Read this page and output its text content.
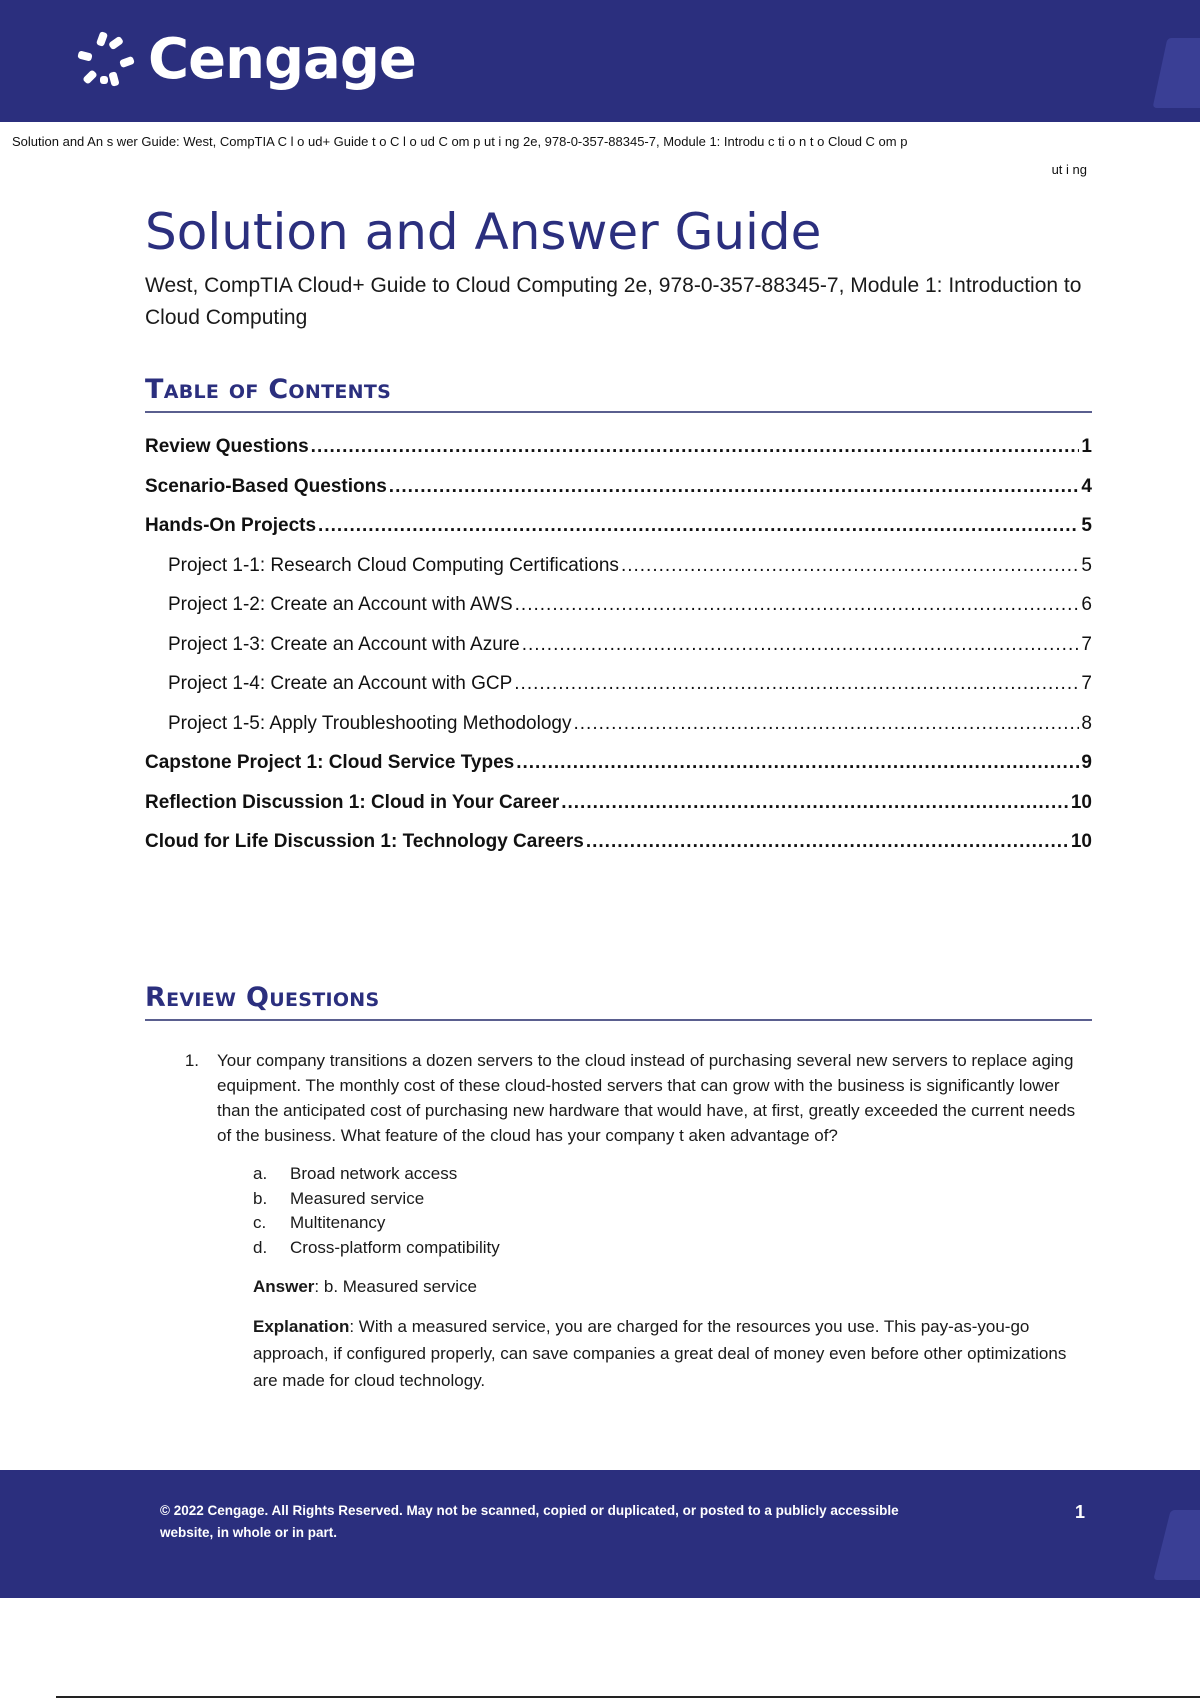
Cengage
Solution and An s wer Guide: West, CompTIA C l o ud+ Guide t o C l o ud C om p ut i ng 2e, 978-0-357-88345-7, Module 1: Introdu c ti o n t o Cloud C om p
ut i ng
Solution and Answer Guide
West, CompTIA Cloud+ Guide to Cloud Computing 2e, 978-0-357-88345-7, Module 1: Introduction to Cloud Computing
Table of Contents
Review Questions .....	1
Scenario-Based Questions .....	4
Hands-On Projects .....	5
Project 1-1: Research Cloud Computing Certifications .....	5
Project 1-2: Create an Account with AWS .....	6
Project 1-3: Create an Account with Azure .....	7
Project 1-4: Create an Account with GCP .....	7
Project 1-5: Apply Troubleshooting Methodology .....	8
Capstone Project 1: Cloud Service Types .....	9
Reflection Discussion 1: Cloud in Your Career .....	10
Cloud for Life Discussion 1: Technology Careers .....	10
Review Questions
1.	Your company transitions a dozen servers to the cloud instead of purchasing several new servers to replace aging equipment. The monthly cost of these cloud-hosted servers that can grow with the business is significantly lower than the anticipated cost of purchasing new hardware that would have, at first, greatly exceeded the current needs of the business. What feature of the cloud has your company t aken advantage of?
a.	Broad network access
b.	Measured service
c.	Multitenancy
d.	Cross-platform compatibility
Answer: b. Measured service
Explanation: With a measured service, you are charged for the resources you use. This pay-as-you-go approach, if configured properly, can save companies a great deal of money even before other optimizations are made for cloud technology.
© 2022 Cengage. All Rights Reserved. May not be scanned, copied or duplicated, or posted to a publicly accessible website, in whole or in part.
1
